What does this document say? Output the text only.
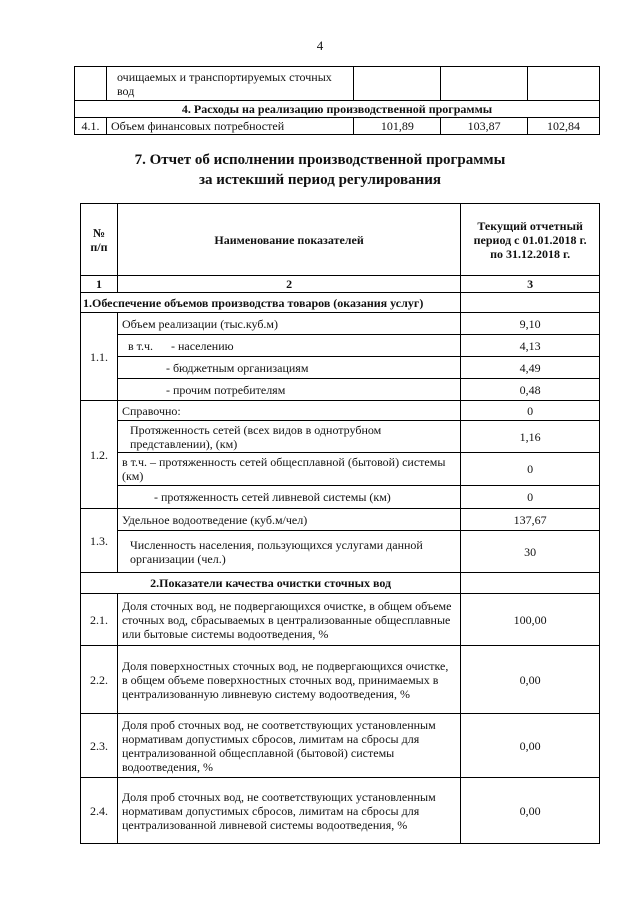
4

	очищаемых и транспортируемых сточных
вод			

4. Расходы на реализацию производственной программы				
4.1.	Объем финансовых потребностей	101,89	103,87	102,84
7. Отчет об исполнении производственной программы
за истекший период регулирования
№
п/п	Наименование показателей	Текущий отчетный период с 01.01.2018 г. по 31.12.2018 г.
1	2	3
1.Обеспечение объемов производства товаров (оказания услуг)		
1.1.	Объем реализации (тыс.куб.м)	9,10
	в т.ч. - населению	4,13
	- бюджетным организациям	4,49
	- прочим потребителям	0,48
1.2.	Справочно:	0
	Протяженность сетей (всех видов в однотрубном представлении), (км)	1,16
	в т.ч. – протяженность сетей общесплавной (бытовой) системы (км)	0
	- протяженность сетей ливневой системы (км)	0
1.3.	Удельное водоотведение (куб.м/чел)	137,67
	Численность населения, пользующихся услугами данной организации (чел.)	30
2.Показатели качества очистки сточных вод		
2.1.	Доля сточных вод, не подвергающихся очистке, в общем объеме сточных вод, сбрасываемых в централизованные общесплавные или бытовые системы водоотведения, %	100,00
2.2.	Доля поверхностных сточных вод, не подвергающихся очистке, в общем объеме поверхностных сточных вод, принимаемых в централизованную ливневую систему водоотведения, %	0,00
2.3.	Доля проб сточных вод, не соответствующих установленным нормативам допустимых сбросов, лимитам на сбросы для централизованной общесплавной (бытовой) системы водоотведения, %	0,00
2.4.	Доля проб сточных вод, не соответствующих установленным нормативам допустимых сбросов, лимитам на сбросы для централизованной ливневой системы водоотведения, %	0,00
